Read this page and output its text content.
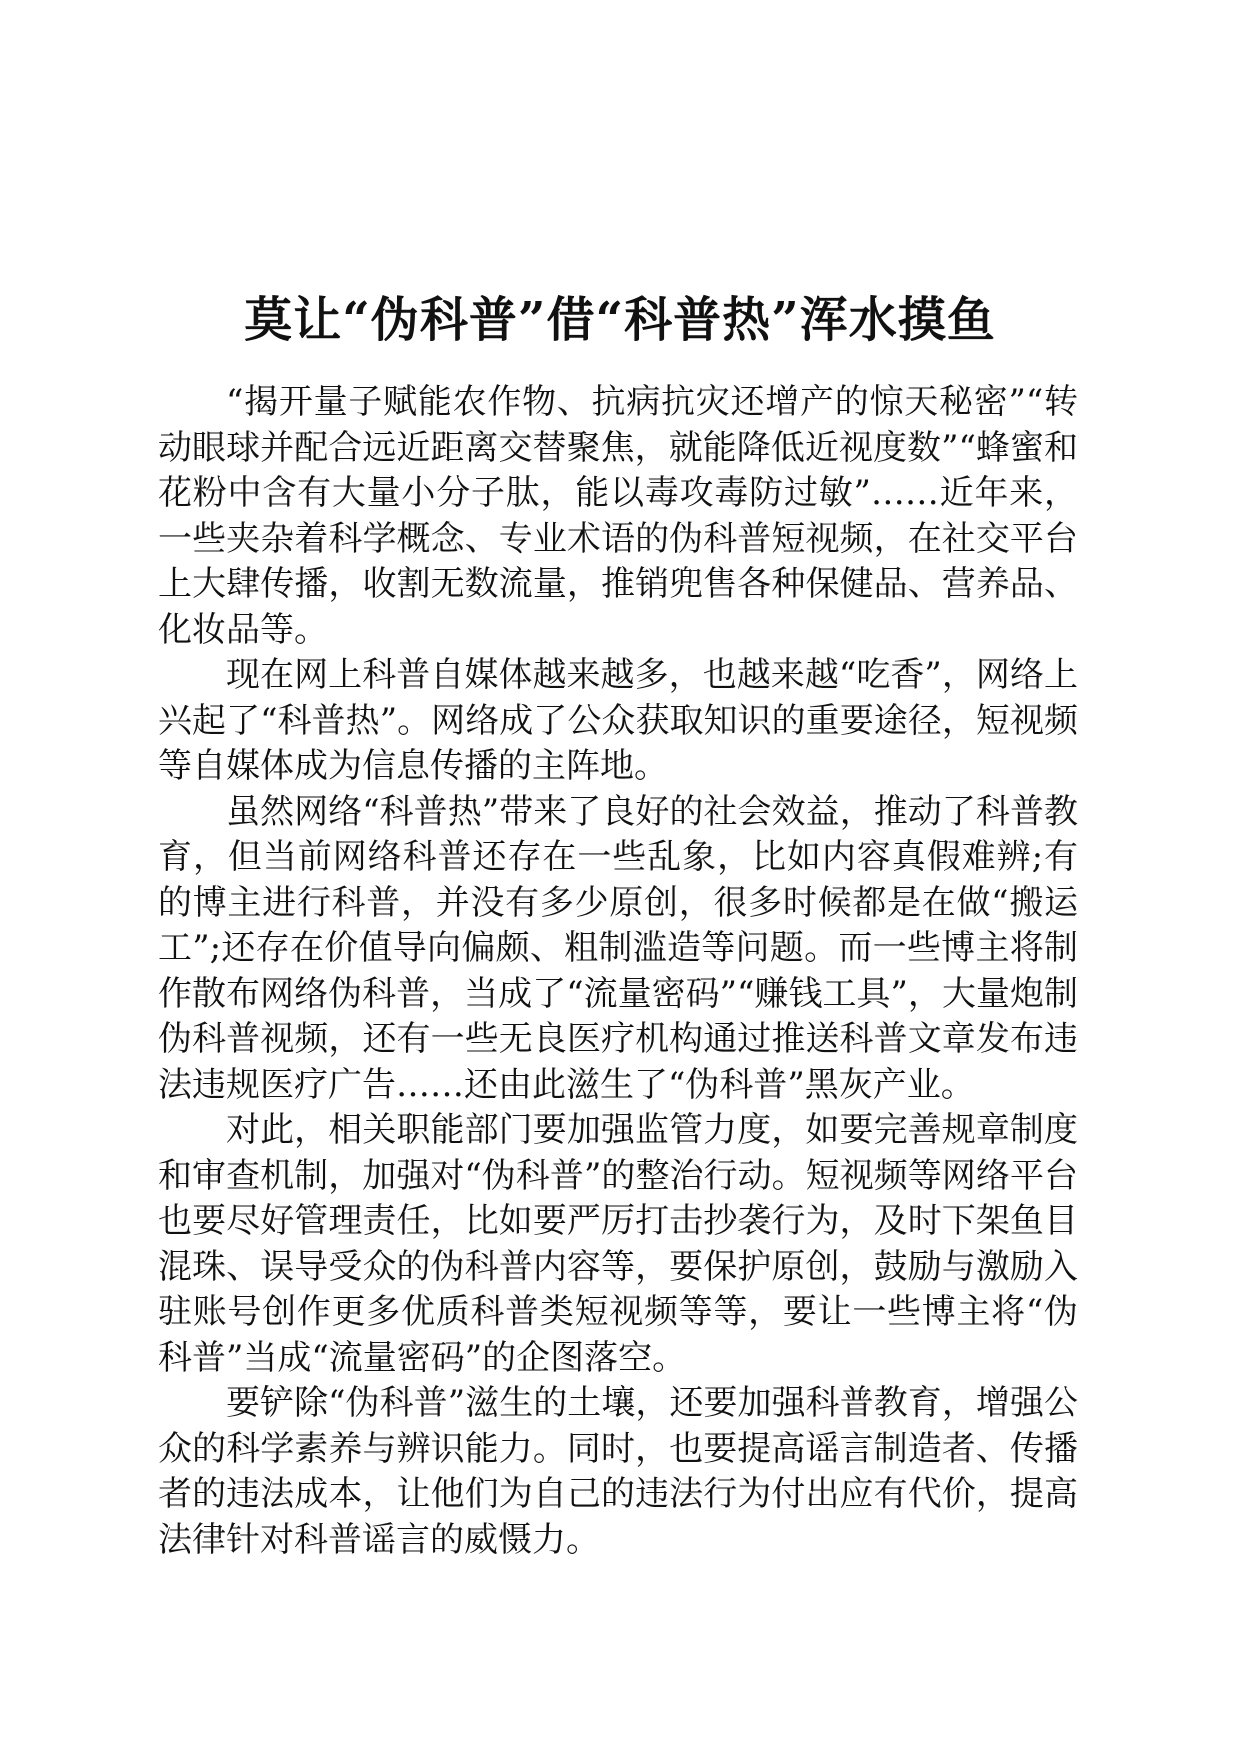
莫让“伪科普”借“科普热”浑水摸鱼

“揭开量子赋能农作物、抗病抗灾还增产的惊天秘密”“转动眼球并配合远近距离交替聚焦，就能降低近视度数”“蜂蜜和花粉中含有大量小分子肽，能以毒攻毒防过敏”……近年来，一些夹杂着科学概念、专业术语的伪科普短视频，在社交平台上大肆传播，收割无数流量，推销兜售各种保健品、营养品、化妆品等。

现在网上科普自媒体越来越多，也越来越“吃香”，网络上兴起了“科普热”。网络成了公众获取知识的重要途径，短视频等自媒体成为信息传播的主阵地。

虽然网络“科普热”带来了良好的社会效益，推动了科普教育，但当前网络科普还存在一些乱象，比如内容真假难辨;有的博主进行科普，并没有多少原创，很多时候都是在做“搬运工”;还存在价值导向偏颇、粗制滥造等问题。而一些博主将制作散布网络伪科普，当成了“流量密码”“赚钱工具”，大量炮制伪科普视频，还有一些无良医疗机构通过推送科普文章发布违法违规医疗广告……还由此滋生了“伪科普”黑灰产业。

对此，相关职能部门要加强监管力度，如要完善规章制度和审查机制，加强对“伪科普”的整治行动。短视频等网络平台也要尽好管理责任，比如要严厉打击抄袭行为，及时下架鱼目混珠、误导受众的伪科普内容等，要保护原创，鼓励与激励入驻账号创作更多优质科普类短视频等等，要让一些博主将“伪科普”当成“流量密码”的企图落空。

要铲除“伪科普”滋生的土壤，还要加强科普教育，增强公众的科学素养与辨识能力。同时，也要提高谣言制造者、传播者的违法成本，让他们为自己的违法行为付出应有代价，提高法律针对科普谣言的威慑力。
